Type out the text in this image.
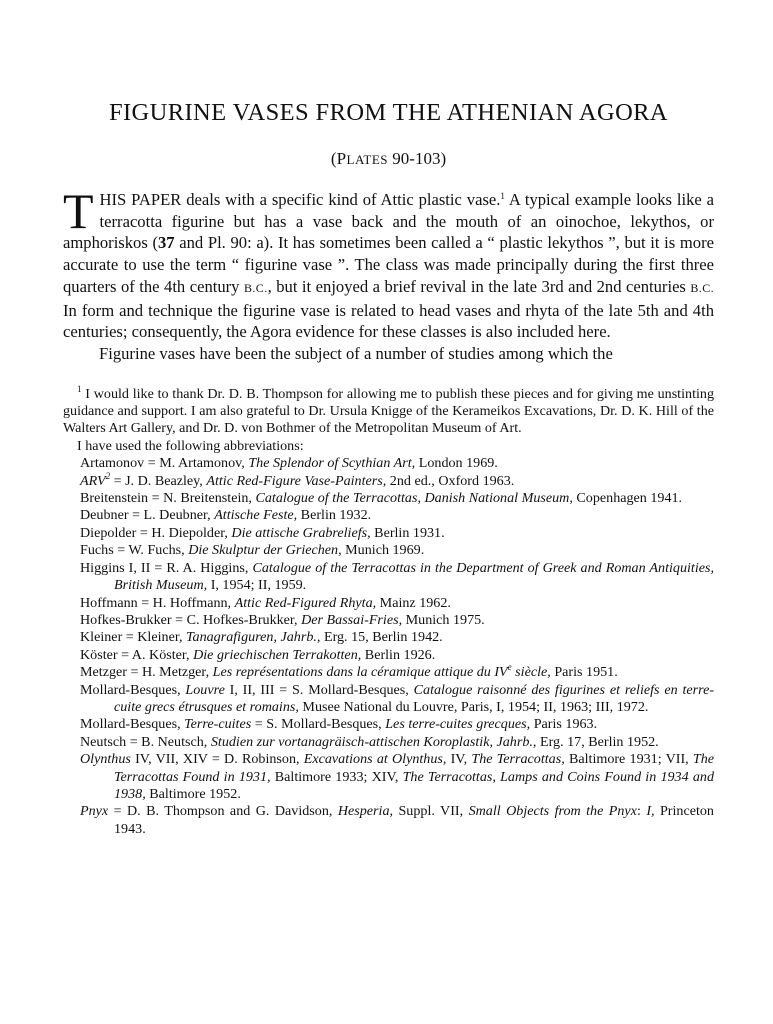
FIGURINE VASES FROM THE ATHENIAN AGORA
(PLATES 90-103)

THIS PAPER deals with a specific kind of Attic plastic vase.$^1$ A typical example looks like a terracotta figurine but has a vase back and the mouth of an oinochoe, lekythos, or amphoriskos (37 and Pl. 90: a). It has sometimes been called a “ plastic lekythos ”, but it is more accurate to use the term “ figurine vase ”. The class was made principally during the first three quarters of the 4th century B.C., but it enjoyed a brief revival in the late 3rd and 2nd centuries B.C. In form and technique the figurine vase is related to head vases and rhyta of the late 5th and 4th centuries; consequently, the Agora evidence for these classes is also included here.

Figurine vases have been the subject of a number of studies among which the

$^1$ I would like to thank Dr. D. B. Thompson for allowing me to publish these pieces and for giving me unstinting guidance and support. I am also grateful to Dr. Ursula Knigge of the Kerameikos Excavations, Dr. D. K. Hill of the Walters Art Gallery, and Dr. D. von Bothmer of the Metropolitan Museum of Art.

I have used the following abbreviations:
Artamonov = M. Artamonov, The Splendor of Scythian Art, London 1969.
$ARV^2 = J$. D. Beazley, Attic Red-Figure Vase-Painters, 2nd ed., Oxford 1963.
Breitenstein = N. Breitenstein, Catalogue of the Terracottas, Danish National Museum, Copenhagen 1941.
Deubner = L. Deubner, Attische Feste, Berlin 1932.
Diepolder = H. Diepolder, Die attische Grabreliefs, Berlin 1931.
Fuchs = W. Fuchs, Die Skulptur der Griechen, Munich 1969.
Higgins I, II = R. A. Higgins, Catalogue of the Terracottas in the Department of Greek and Roman Antiquities, British Museum, I, 1954; II, 1959.
Hoffmann = H. Hoffmann, Attic Red-Figured Rhyta, Mainz 1962.
Hofkes-Brukker = C. Hofkes-Brukker, Der Bassai-Fries, Munich 1975.
Kleiner = Kleiner, Tanagrafiguren, Jahrb., Erg. 15, Berlin 1942.
Köster = A. Köster, Die griechischen Terrakotten, Berlin 1926.
Metzger = H. Metzger, Les représentations dans la céramique attique du IVe siècle, Paris 1951.
Mollard-Besques, Louvre I, II, III = S. Mollard-Besques, Catalogue raisonné des figurines et reliefs en terre-cuite grecs étrusques et romains, Musee National du Louvre, Paris, I, 1954; II, 1963; III, 1972.
Mollard-Besques, Terre-cuites = S. Mollard-Besques, Les terre-cuites grecques, Paris 1963.
Neutsch = B. Neutsch, Studien zur vortanagräisch-attischen Koroplastik, Jahrb., Erg. 17, Berlin 1952.
Olynthus IV, VII, XIV = D. Robinson, Excavations at Olynthus, IV, The Terracottas, Baltimore 1931; VII, The Terracottas Found in 1931, Baltimore 1933; XIV, The Terracottas, Lamps and Coins Found in 1934 and 1938, Baltimore 1952.
Pnyx = D. B. Thompson and G. Davidson, Hesperia, Suppl. VII, Small Objects from the Pnyx: I, Princeton 1943.
